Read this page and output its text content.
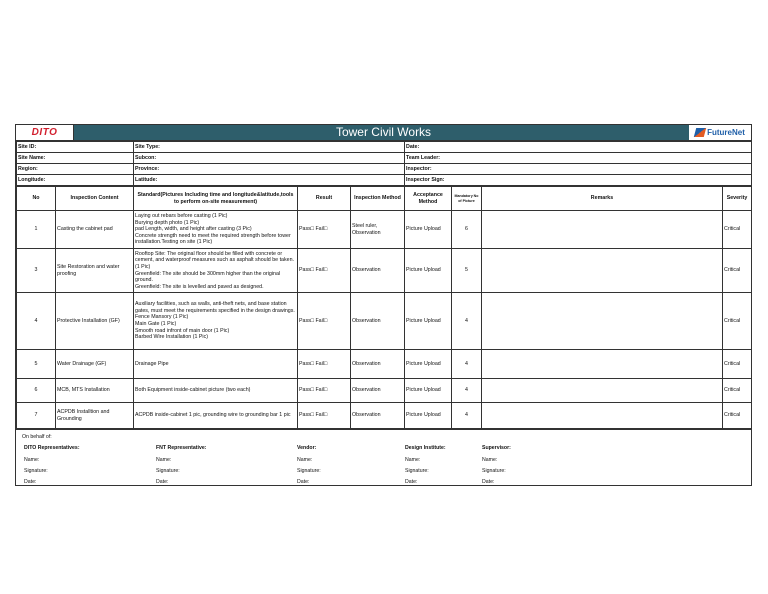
DITO	Tower Civil Works	FutureNet
Site ID:	Site Type:	Date:
Site Name:	Subcon:	Team Leader:
Region:	Province:	Inspector:
Longitude:	Latitude:	Inspector Sign:
No	Inspection Content	Standard(Pictures Including time and longitude&latitude,tools to perform on-site measurement)	Result	Inspection Method	Acceptance Method	Mandatory No of Picture	Remarks	Severity
1	Casting the cabinet pad	Laying out rebars before casting (1 Pic)
Burying depth photo (1 Pic)
pad Length, width, and height after casting (3 Pic)
Concrete strength need to meet the required strength before tower installation.Testing on site (1 Pic)	Pass□ Fail□	Steel ruler, Observation	Picture Upload	6		Critical
3	Site Restoration and water proofing	Rooftop Site: The original floor should be filled with concrete or cement, and waterproof measures such as asphalt should be taken. (1 Pic)
Greenfield: The site should be 300mm higher than the original ground.
Greenfield: The site is levelled and paved as designed.	Pass□ Fail□	Observation	Picture Upload	5		Critical
4	Protective Installation (GF)	Auxiliary facilities, such as walls, anti-theft nets, and base station gates, must meet the requirements specified in the design drawings.
Fence Mansory (1 Pic)
Main Gate (1 Pic)
Smooth road infront of main door (1 Pic)
Barbed Wire Installation (1 Pic)	Pass□ Fail□	Observation	Picture Upload	4		Critical
5	Water Drainage (GF)	Drainage Pipe	Pass□ Fail□	Observation	Picture Upload	4		Critical
6	MCB, MTS Installation	Both Equipment inside-cabinet picture (two each)	Pass□ Fail□	Observation	Picture Upload	4		Critical
7	ACPDB Installtion and Grounding	ACPDB inside-cabinet 1 pic, grounding wire to grounding bar 1 pic	Pass□ Fail□	Observation	Picture Upload	4		Critical
On behalf of:
DITO Representatives:
Name:
Signature:
Date:
FNT Representative:
Name:
Signature:
Date:
Vendor:
Name:
Signature:
Date:
Design Institute:
Name:
Signature:
Date:
Supervisor:
Name:
Signature:
Date:
